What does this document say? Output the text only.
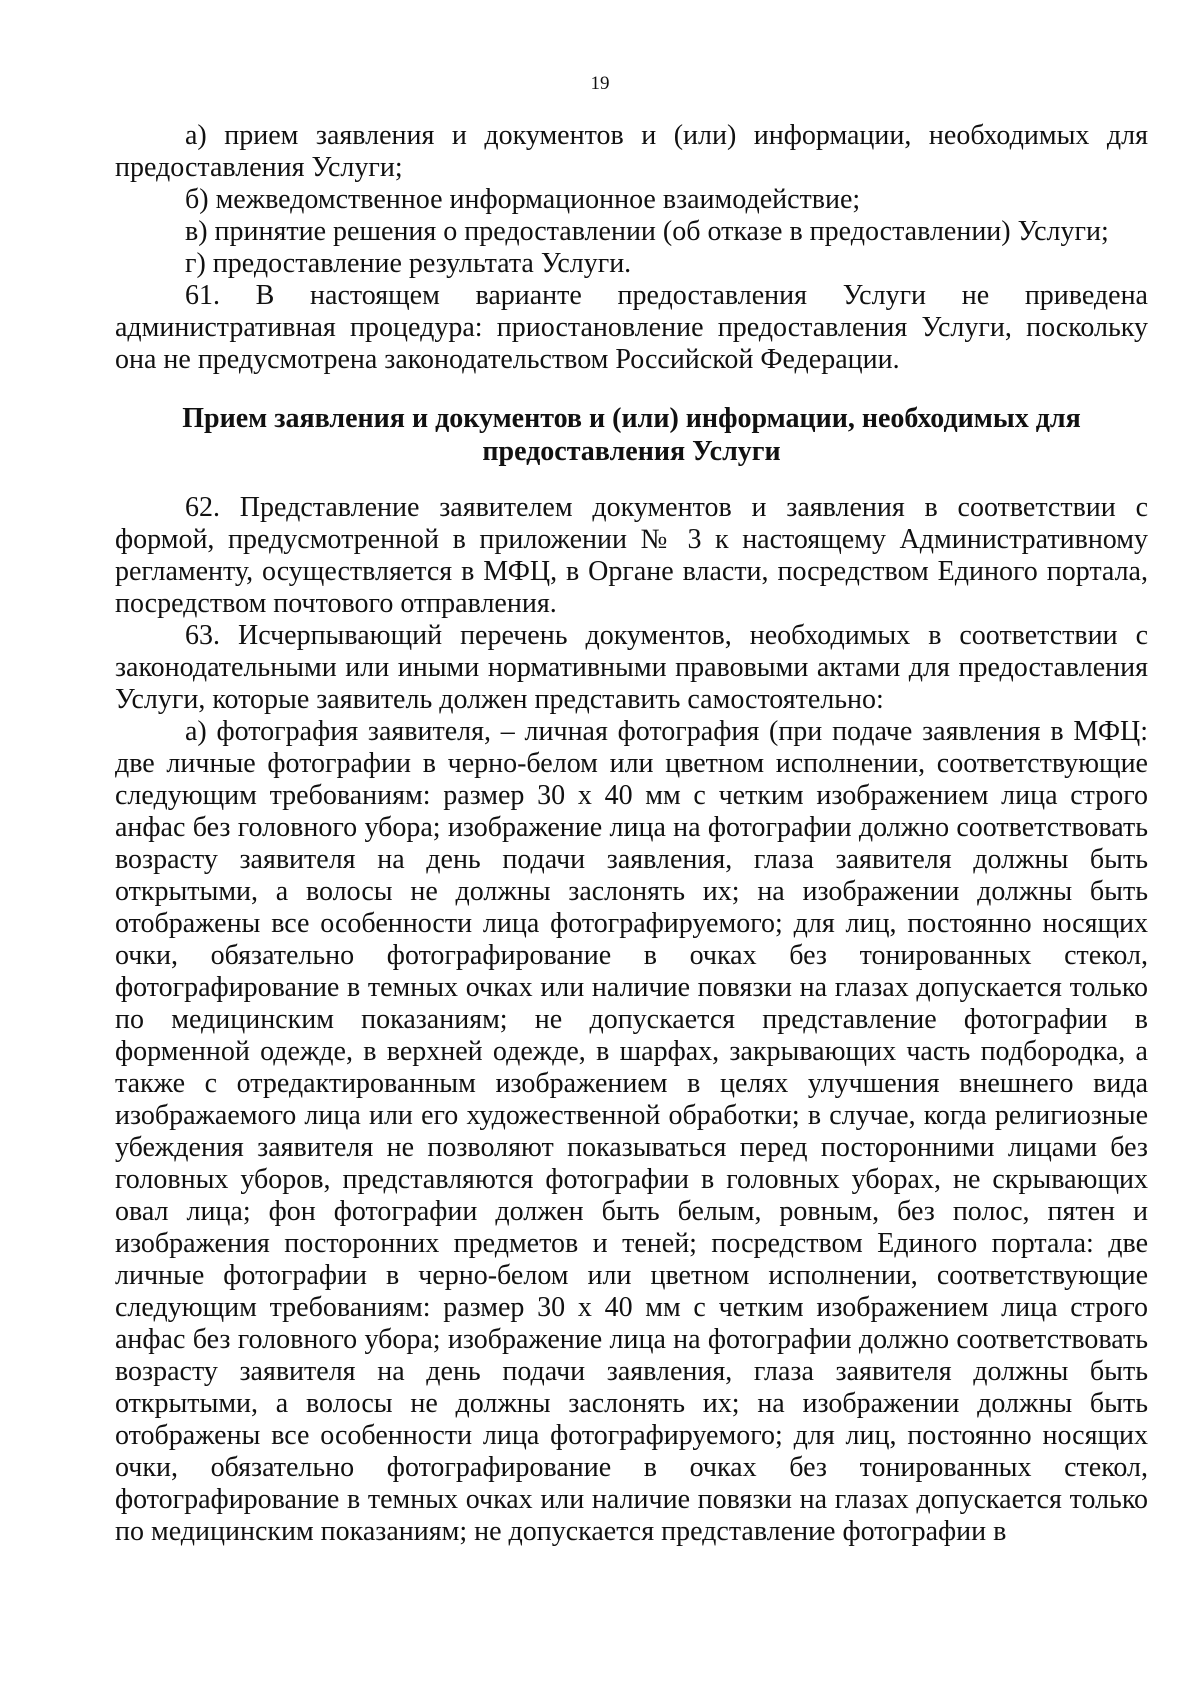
19

а) прием заявления и документов и (или) информации, необходимых для предоставления Услуги;

б) межведомственное информационное взаимодействие;

в) принятие решения о предоставлении (об отказе в предоставлении) Услуги;

г) предоставление результата Услуги.

61. В настоящем варианте предоставления Услуги не приведена административная процедура: приостановление предоставления Услуги, поскольку она не предусмотрена законодательством Российской Федерации.

Прием заявления и документов и (или) информации, необходимых для предоставления Услуги

62. Представление заявителем документов и заявления в соответствии с формой, предусмотренной в приложении № 3 к настоящему Административному регламенту, осуществляется в МФЦ, в Органе власти, посредством Единого портала, посредством почтового отправления.

63. Исчерпывающий перечень документов, необходимых в соответствии с законодательными или иными нормативными правовыми актами для предоставления Услуги, которые заявитель должен представить самостоятельно:

а) фотография заявителя, – личная фотография (при подаче заявления в МФЦ: две личные фотографии в черно-белом или цветном исполнении, соответствующие следующим требованиям: размер 30 х 40 мм с четким изображением лица строго анфас без головного убора; изображение лица на фотографии должно соответствовать возрасту заявителя на день подачи заявления, глаза заявителя должны быть открытыми, а волосы не должны заслонять их; на изображении должны быть отображены все особенности лица фотографируемого; для лиц, постоянно носящих очки, обязательно фотографирование в очках без тонированных стекол, фотографирование в темных очках или наличие повязки на глазах допускается только по медицинским показаниям; не допускается представление фотографии в форменной одежде, в верхней одежде, в шарфах, закрывающих часть подбородка, а также с отредактированным изображением в целях улучшения внешнего вида изображаемого лица или его художественной обработки; в случае, когда религиозные убеждения заявителя не позволяют показываться перед посторонними лицами без головных уборов, представляются фотографии в головных уборах, не скрывающих овал лица; фон фотографии должен быть белым, ровным, без полос, пятен и изображения посторонних предметов и теней; посредством Единого портала: две личные фотографии в черно-белом или цветном исполнении, соответствующие следующим требованиям: размер 30 х 40 мм с четким изображением лица строго анфас без головного убора; изображение лица на фотографии должно соответствовать возрасту заявителя на день подачи заявления, глаза заявителя должны быть открытыми, а волосы не должны заслонять их; на изображении должны быть отображены все особенности лица фотографируемого; для лиц, постоянно носящих очки, обязательно фотографирование в очках без тонированных стекол, фотографирование в темных очках или наличие повязки на глазах допускается только по медицинским показаниям; не допускается представление фотографии в
